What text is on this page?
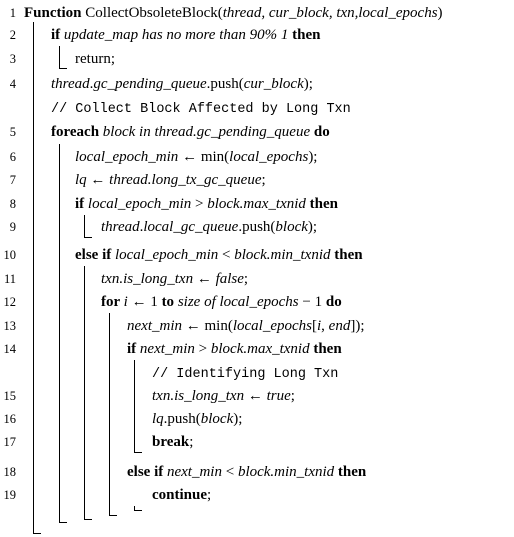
1 Function CollectObsoleteBlock(thread, cur_block, txn,local_epochs)
2 if update_map has no more than 90% 1 then
3	return;
4 thread.gc_pending_queue.push(cur_block);
// Collect Block Affected by Long Txn
5 foreach block in thread.gc_pending_queue do
6	local_epoch_min ← min(local_epochs);
7	lq ← thread.long_tx_gc_queue;
8	if local_epoch_min > block.max_txnid then
9	thread.local_gc_queue.push(block);
10	else if local_epoch_min < block.min_txnid then
11	txn.is_long_txn ← false;
12	for i ← 1 to size of local_epochs − 1 do
13	next_min ← min(local_epochs[i, end]);
14	if next_min > block.max_txnid then
// Identifying Long Txn
15	txn.is_long_txn ← true;
16	lq.push(block);
17	break;
18	else if next_min < block.min_txnid then
19	continue;
